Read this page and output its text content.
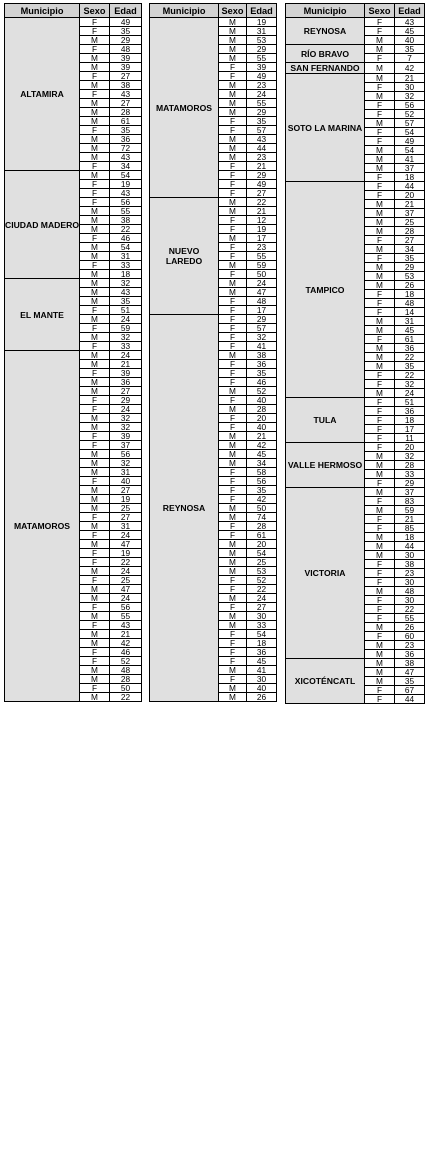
Municipio	Sexo	Edad
ALTAMIRA	F	49
	F	35
	M	29
	F	48
	M	39
	M	39
	F	27
	M	38
	F	43
	M	27
	M	28
	M	61
	F	35
	M	36
	M	72
	M	43
	F	34
CIUDAD MADERO	M	54
	F	19
	F	43
	F	56
	M	55
	M	38
	M	22
	F	46
	M	54
	M	31
	F	33
	M	18
EL MANTE	M	32
	M	43
	M	35
	F	51
	M	24
	F	59
	M	32
	F	33
MATAMOROS	M	24
	M	21
	F	39
	M	36
	M	27
	F	29
	F	24
	M	32
	M	32
	F	39
	F	37
	M	56
	M	32
	M	31
	F	40
	M	27
	M	19
	M	25
	F	27
	M	31
	F	24
	M	47
	F	19
	F	22
	M	24
	F	25
	M	47
	M	24
	F	56
	M	55
	F	43
	M	21
	M	42
	F	46
	F	52
	M	48
	M	28
	F	50
	M	22
Municipio	Sexo	Edad
MATAMOROS	M	19
	M	31
	M	53
	M	29
	M	55
	F	39
	F	49
	M	23
	M	24
	M	55
	M	29
	F	35
	F	57
	M	43
	M	44
	M	23
	F	21
	F	29
	F	49
	F	27
NUEVO LAREDO	M	22
	M	21
	F	12
	F	19
	M	17
	F	23
	F	55
	M	59
	F	50
	M	24
	M	47
	F	48
	F	17
REYNOSA	F	29
	F	57
	F	32
	F	41
	M	38
	F	36
	F	35
	F	46
	M	52
	F	40
	M	28
	F	20
	F	40
	M	21
	M	42
	M	45
	M	34
	F	58
	F	56
	F	35
	F	42
	M	50
	M	74
	F	28
	F	61
	M	20
	M	54
	M	25
	M	53
	F	52
	F	22
	M	24
	F	27
	M	30
	M	33
	F	54
	F	18
	F	36
	F	45
	M	41
	F	30
	M	40
	M	26
Municipio	Sexo	Edad
REYNOSA	F	43
	F	45
	M	40
RÍO BRAVO	M	35
	F	7
SAN FERNANDO	M	42
SOTO LA MARINA	M	21
	F	30
	M	32
	F	56
	F	52
	M	57
	F	54
	F	49
	M	54
	M	41
	M	37
	F	18
TAMPICO	F	44
	F	20
	M	21
	M	37
	M	25
	M	28
	F	27
	M	34
	F	35
	M	29
	M	53
	M	26
	F	18
	F	48
	F	14
	M	31
	M	45
	F	61
	M	36
	M	22
	M	35
	F	22
	F	32
	M	24
TULA	F	51
	F	36
	F	18
	F	17
	F	11
VALLE HERMOSO	F	20
	M	32
	M	28
	M	33
	F	29
VICTORIA	M	37
	F	83
	M	59
	F	21
	F	85
	M	18
	M	44
	M	30
	F	38
	F	23
	F	30
	M	48
	F	30
	F	22
	F	55
	M	26
	F	60
	M	23
	M	36
XICOTÉNCATL	M	38
	M	47
	M	35
	F	67
	F	44
